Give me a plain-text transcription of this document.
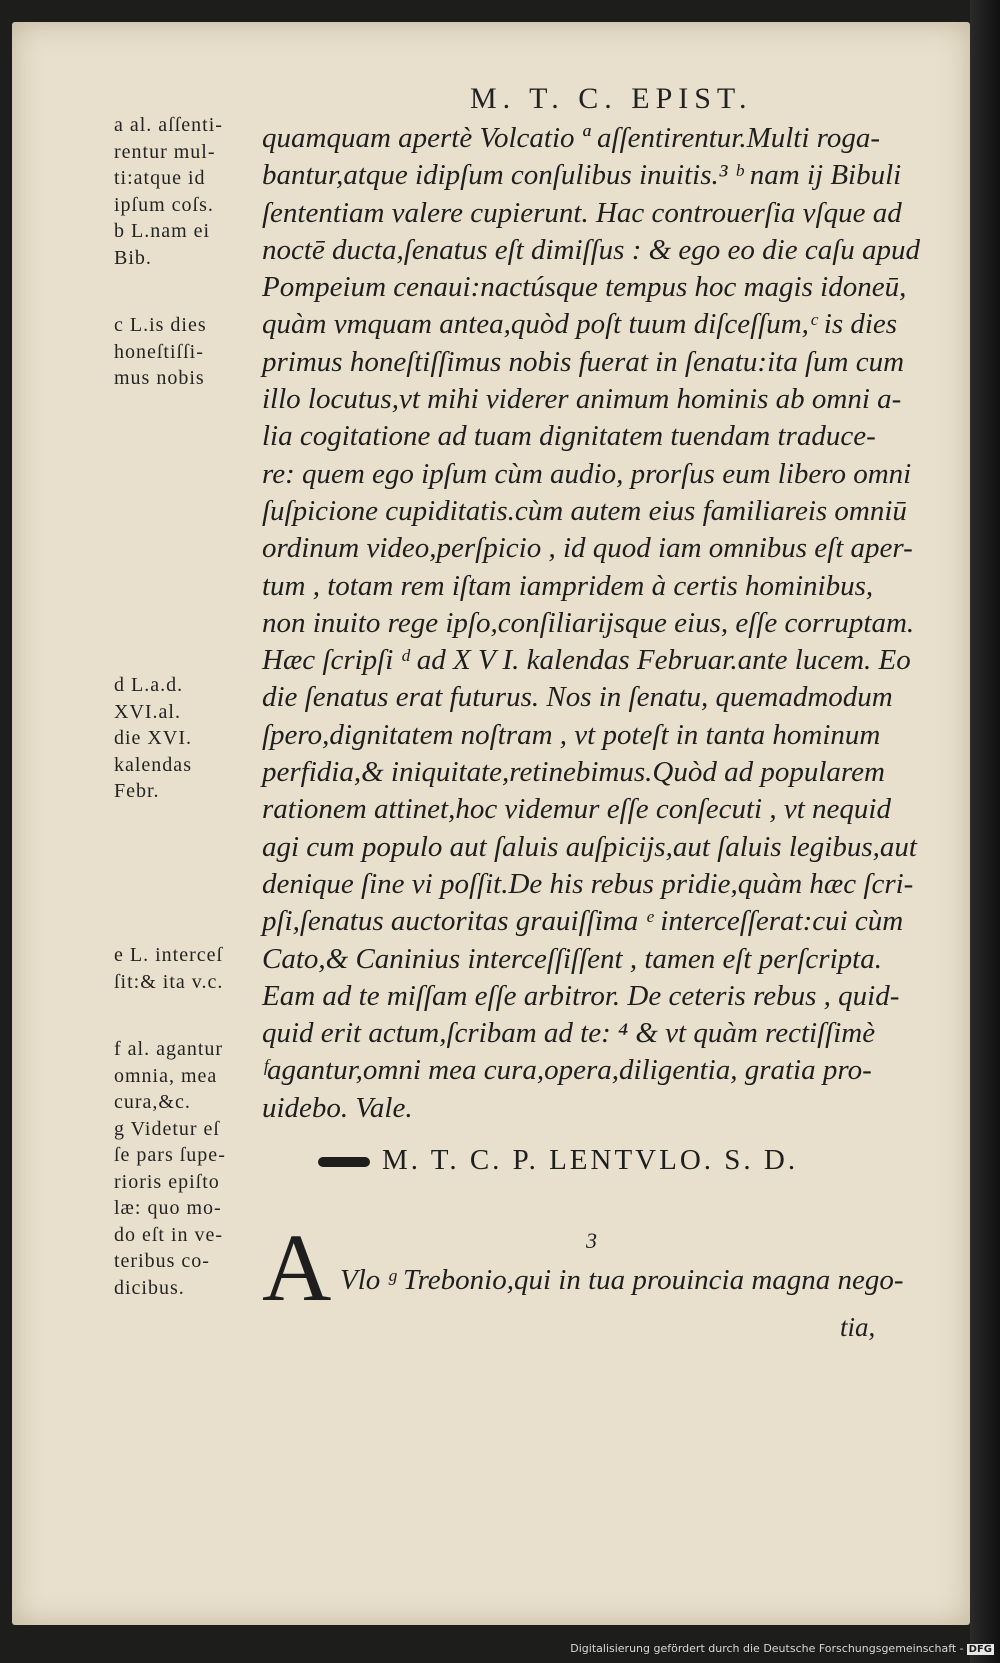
M. T. C. EPIST.
quamquam apertè Volcatio ª aſſentirentur.Multi roga-
bantur,atque idipſum conſulibus inuitis.³ ᵇ nam ij Bibuli
ſententiam valere cupierunt. Hac controuerſia vſque ad
noctē ducta,ſenatus eſt dimiſſus : & ego eo die caſu apud
Pompeium cenaui:nactúsque tempus hoc magis idoneū,
quàm vmquam antea,quòd poſt tuum diſceſſum,ᶜ is dies
primus honeſtiſſimus nobis fuerat in ſenatu:ita ſum cum
illo locutus,vt mihi viderer animum hominis ab omni a-
lia cogitatione ad tuam dignitatem tuendam traduce-
re: quem ego ipſum cùm audio, prorſus eum libero omni
ſuſpicione cupiditatis.cùm autem eius familiareis omniū
ordinum video,perſpicio , id quod iam omnibus eſt aper-
tum , totam rem iſtam iampridem à certis hominibus,
non inuito rege ipſo,conſiliarijsque eius, eſſe corruptam.
Hæc ſcripſi ᵈ ad X V I. kalendas Februar.ante lucem. Eo
die ſenatus erat futurus. Nos in ſenatu, quemadmodum
ſpero,dignitatem noſtram , vt poteſt in tanta hominum
perfidia,& iniquitate,retinebimus.Quòd ad popularem
rationem attinet,hoc videmur eſſe conſecuti , vt nequid
agi cum populo aut ſaluis auſpicijs,aut ſaluis legibus,aut
denique ſine vi poſſit.De his rebus pridie,quàm hæc ſcri-
pſi,ſenatus auctoritas grauiſſima ᵉ interceſſerat:cui cùm
Cato,& Caninius interceſſiſſent , tamen eſt perſcripta.
Eam ad te miſſam eſſe arbitror. De ceteris rebus , quid-
quid erit actum,ſcribam ad te: ⁴ & vt quàm rectiſſimè
ᶠagantur,omni mea cura,opera,diligentia, gratia pro-
uidebo. Vale.
M. T. C. P. LENTVLO. S. D.
3
A Vlo ᵍ Trebonio,qui in tua prouincia magna nego-
tia,
a al. aſſenti-
rentur mul-
ti:atque id
ipſum coſs.
b L.nam ei
Bib.
c L.is dies
honeſtiſſi-
mus nobis
d L.a.d.
XVI.al.
die XVI.
kalendas
Febr.
e L. interceſ
ſit:& ita v.c.
f al. agantur
omnia, mea
cura,&c.
g Videtur eſ
ſe pars ſupe-
rioris epiſto
læ: quo mo-
do eſt in ve-
teribus co-
dicibus.
Digitalisierung gefördert durch die Deutsche Forschungsgemeinschaft - DFG
